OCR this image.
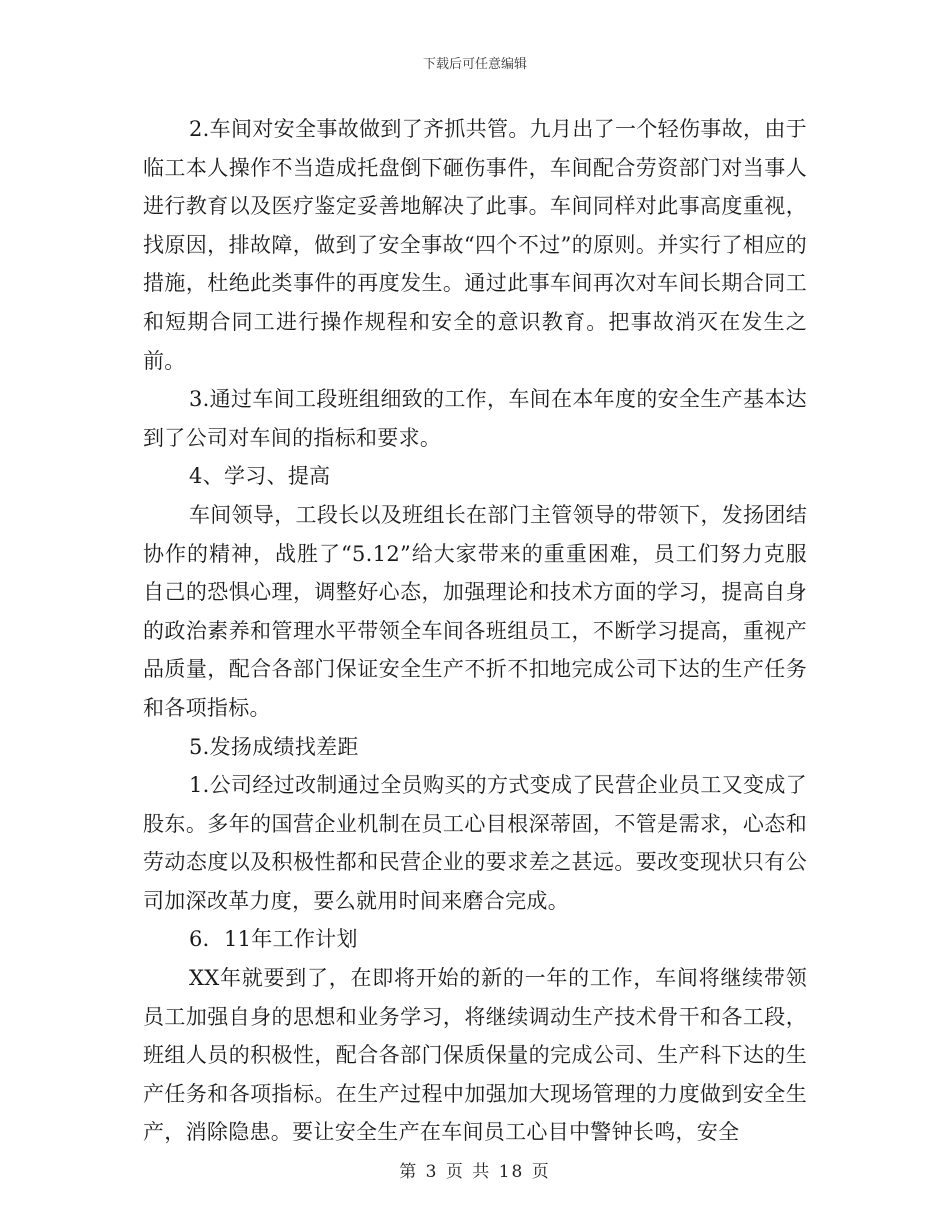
下载后可任意编辑

2.车间对安全事故做到了齐抓共管。九月出了一个轻伤事故，由于临工本人操作不当造成托盘倒下砸伤事件，车间配合劳资部门对当事人进行教育以及医疗鉴定妥善地解决了此事。车间同样对此事高度重视，找原因，排故障，做到了安全事故“四个不过”的原则。并实行了相应的措施，杜绝此类事件的再度发生。通过此事车间再次对车间长期合同工和短期合同工进行操作规程和安全的意识教育。把事故消灭在发生之前。

3.通过车间工段班组细致的工作，车间在本年度的安全生产基本达到了公司对车间的指标和要求。

4、学习、提高

车间领导，工段长以及班组长在部门主管领导的带领下，发扬团结协作的精神，战胜了“5.12”给大家带来的重重困难，员工们努力克服自己的恐惧心理，调整好心态，加强理论和技术方面的学习，提高自身的政治素养和管理水平带领全车间各班组员工，不断学习提高，重视产品质量，配合各部门保证安全生产不折不扣地完成公司下达的生产任务和各项指标。

5.发扬成绩找差距

1.公司经过改制通过全员购买的方式变成了民营企业员工又变成了股东。多年的国营企业机制在员工心目根深蒂固，不管是需求，心态和劳动态度以及积极性都和民营企业的要求差之甚远。要改变现状只有公司加深改革力度，要么就用时间来磨合完成。

6．11年工作计划

XX年就要到了，在即将开始的新的一年的工作，车间将继续带领员工加强自身的思想和业务学习，将继续调动生产技术骨干和各工段，班组人员的积极性，配合各部门保质保量的完成公司、生产科下达的生产任务和各项指标。在生产过程中加强加大现场管理的力度做到安全生产，消除隐患。要让安全生产在车间员工心目中警钟长鸣，安全

第 3 页 共 18 页
